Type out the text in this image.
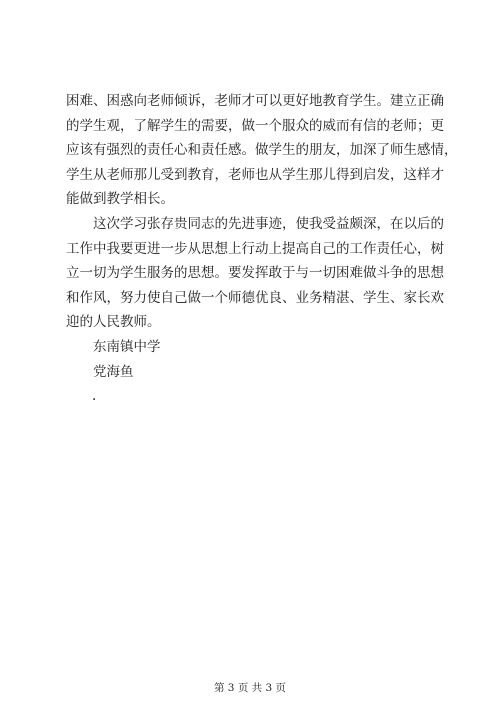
困难、困惑向老师倾诉，老师才可以更好地教育学生。建立正确
的学生观，了解学生的需要，做一个服众的威而有信的老师；更
应该有强烈的责任心和责任感。做学生的朋友，加深了师生感情，
学生从老师那儿受到教育，老师也从学生那儿得到启发，这样才
能做到教学相长。
这次学习张存贵同志的先进事迹，使我受益颇深，在以后的
工作中我要更进一步从思想上行动上提高自己的工作责任心，树
立一切为学生服务的思想。要发挥敢于与一切困难做斗争的思想
和作风，努力使自己做一个师德优良、业务精湛、学生、家长欢
迎的人民教师。
东南镇中学
党海鱼
.
第 3 页 共 3 页
